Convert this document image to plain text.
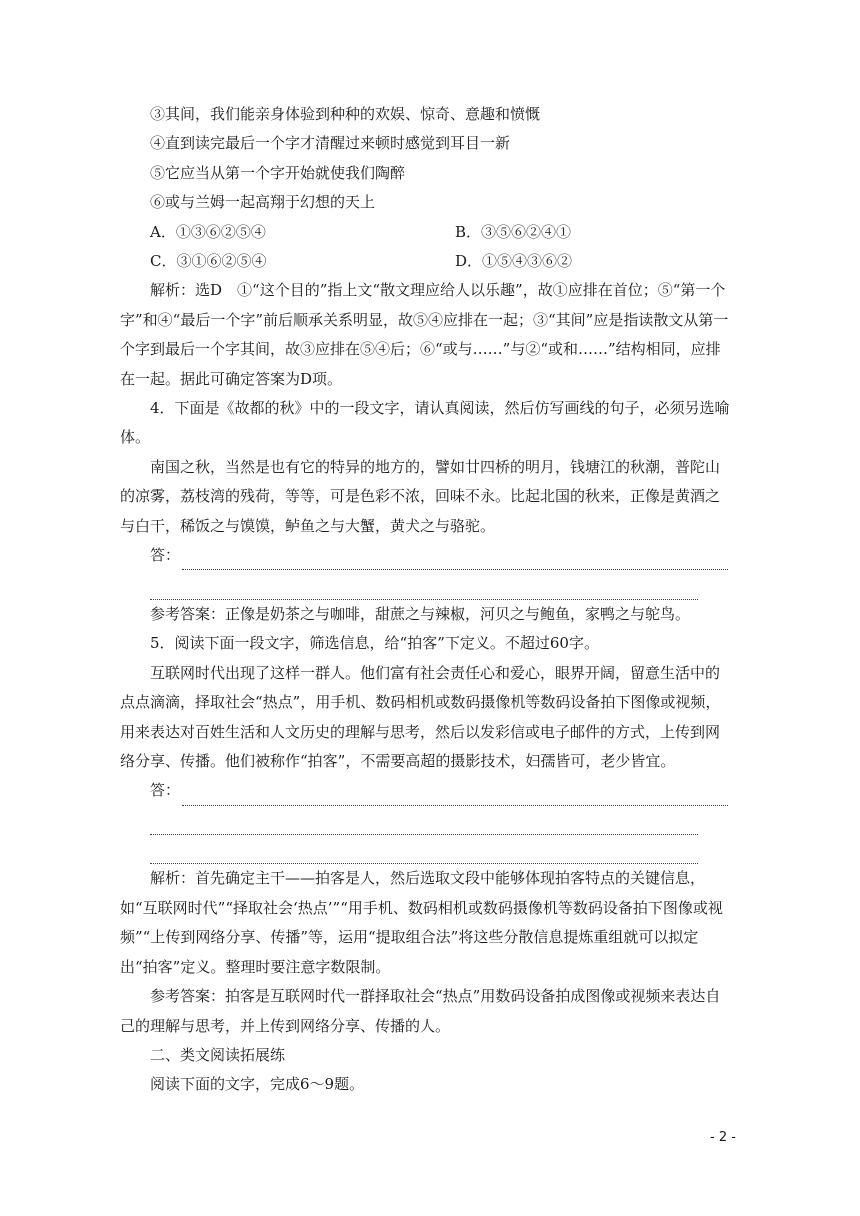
③其间，我们能亲身体验到种种的欢娱、惊奇、意趣和愤慨

④直到读完最后一个字才清醒过来顿时感觉到耳目一新

⑤它应当从第一个字开始就使我们陶醉

⑥或与兰姆一起高翔于幻想的天上

A．①③⑥②⑤④	B．③⑤⑥②④①
C．③①⑥②⑤④	D．①⑤④③⑥②

解析：选D　①“这个目的”指上文“散文理应给人以乐趣”，故①应排在首位；⑤“第一个字”和④“最后一个字”前后顺承关系明显，故⑤④应排在一起；③“其间”应是指读散文从第一个字到最后一个字其间，故③应排在⑤④后；⑥“或与……”与②“或和……”结构相同，应排在一起。据此可确定答案为D项。

4．下面是《故都的秋》中的一段文字，请认真阅读，然后仿写画线的句子，必须另选喻体。

南国之秋，当然是也有它的特异的地方的，譬如廿四桥的明月，钱塘江的秋潮，普陀山的凉雾，荔枝湾的残荷，等等，可是色彩不浓，回味不永。比起北国的秋来，正像是黄酒之与白干，稀饭之与馍馍，鲈鱼之与大蟹，黄犬之与骆驼。

答：

参考答案：正像是奶茶之与咖啡，甜蔗之与辣椒，河贝之与鲍鱼，家鸭之与鸵鸟。

5．阅读下面一段文字，筛选信息，给“拍客”下定义。不超过60字。

互联网时代出现了这样一群人。他们富有社会责任心和爱心，眼界开阔，留意生活中的点点滴滴，择取社会“热点”，用手机、数码相机或数码摄像机等数码设备拍下图像或视频，用来表达对百姓生活和人文历史的理解与思考，然后以发彩信或电子邮件的方式，上传到网络分享、传播。他们被称作“拍客”，不需要高超的摄影技术，妇孺皆可，老少皆宜。

答：

解析：首先确定主干——拍客是人，然后选取文段中能够体现拍客特点的关键信息，如“互联网时代”“择取社会‘热点’”“用手机、数码相机或数码摄像机等数码设备拍下图像或视频”“上传到网络分享、传播”等，运用“提取组合法”将这些分散信息提炼重组就可以拟定出“拍客”定义。整理时要注意字数限制。

参考答案：拍客是互联网时代一群择取社会“热点”用数码设备拍成图像或视频来表达自己的理解与思考，并上传到网络分享、传播的人。

二、类文阅读拓展练

阅读下面的文字，完成6～9题。

- 2 -
